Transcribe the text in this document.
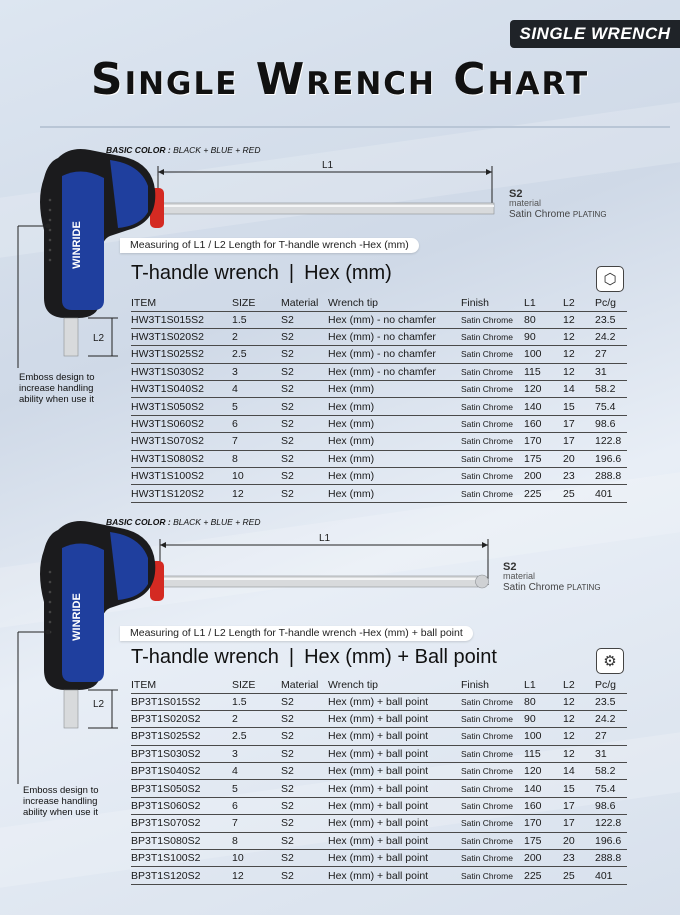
SINGLE WRENCH
Single Wrench Chart
BASIC COLOR : BLACK + BLUE + RED
WINRIDE
L1
L2
S2
material
Satin Chrome PLATING
Emboss design to
increase handling
ability when use it
Measuring of L1 / L2 Length for T-handle wrench -Hex (mm)
T-handle wrench | Hex (mm)	⬡
ITEM	SIZE	Material	Wrench tip	Finish	L1	L2	Pc/g
HW3T1S015S2	1.5	S2	Hex (mm) - no chamfer	Satin Chrome	80	12	23.5
HW3T1S020S2	2	S2	Hex (mm) - no chamfer	Satin Chrome	90	12	24.2
HW3T1S025S2	2.5	S2	Hex (mm) - no chamfer	Satin Chrome	100	12	27
HW3T1S030S2	3	S2	Hex (mm) - no chamfer	Satin Chrome	115	12	31
HW3T1S040S2	4	S2	Hex (mm)	Satin Chrome	120	14	58.2
HW3T1S050S2	5	S2	Hex (mm)	Satin Chrome	140	15	75.4
HW3T1S060S2	6	S2	Hex (mm)	Satin Chrome	160	17	98.6
HW3T1S070S2	7	S2	Hex (mm)	Satin Chrome	170	17	122.8
HW3T1S080S2	8	S2	Hex (mm)	Satin Chrome	175	20	196.6
HW3T1S100S2	10	S2	Hex (mm)	Satin Chrome	200	23	288.8
HW3T1S120S2	12	S2	Hex (mm)	Satin Chrome	225	25	401
BASIC COLOR : BLACK + BLUE + RED
WINRIDE
L1
L2
S2
material
Satin Chrome PLATING
Emboss design to
increase handling
ability when use it
Measuring of L1 / L2 Length for T-handle wrench -Hex (mm) + ball point
T-handle wrench | Hex (mm) + Ball point	⚙
ITEM	SIZE	Material	Wrench tip	Finish	L1	L2	Pc/g
BP3T1S015S2	1.5	S2	Hex (mm) + ball point	Satin Chrome	80	12	23.5
BP3T1S020S2	2	S2	Hex (mm) + ball point	Satin Chrome	90	12	24.2
BP3T1S025S2	2.5	S2	Hex (mm) + ball point	Satin Chrome	100	12	27
BP3T1S030S2	3	S2	Hex (mm) + ball point	Satin Chrome	115	12	31
BP3T1S040S2	4	S2	Hex (mm) + ball point	Satin Chrome	120	14	58.2
BP3T1S050S2	5	S2	Hex (mm) + ball point	Satin Chrome	140	15	75.4
BP3T1S060S2	6	S2	Hex (mm) + ball point	Satin Chrome	160	17	98.6
BP3T1S070S2	7	S2	Hex (mm) + ball point	Satin Chrome	170	17	122.8
BP3T1S080S2	8	S2	Hex (mm) + ball point	Satin Chrome	175	20	196.6
BP3T1S100S2	10	S2	Hex (mm) + ball point	Satin Chrome	200	23	288.8
BP3T1S120S2	12	S2	Hex (mm) + ball point	Satin Chrome	225	25	401
